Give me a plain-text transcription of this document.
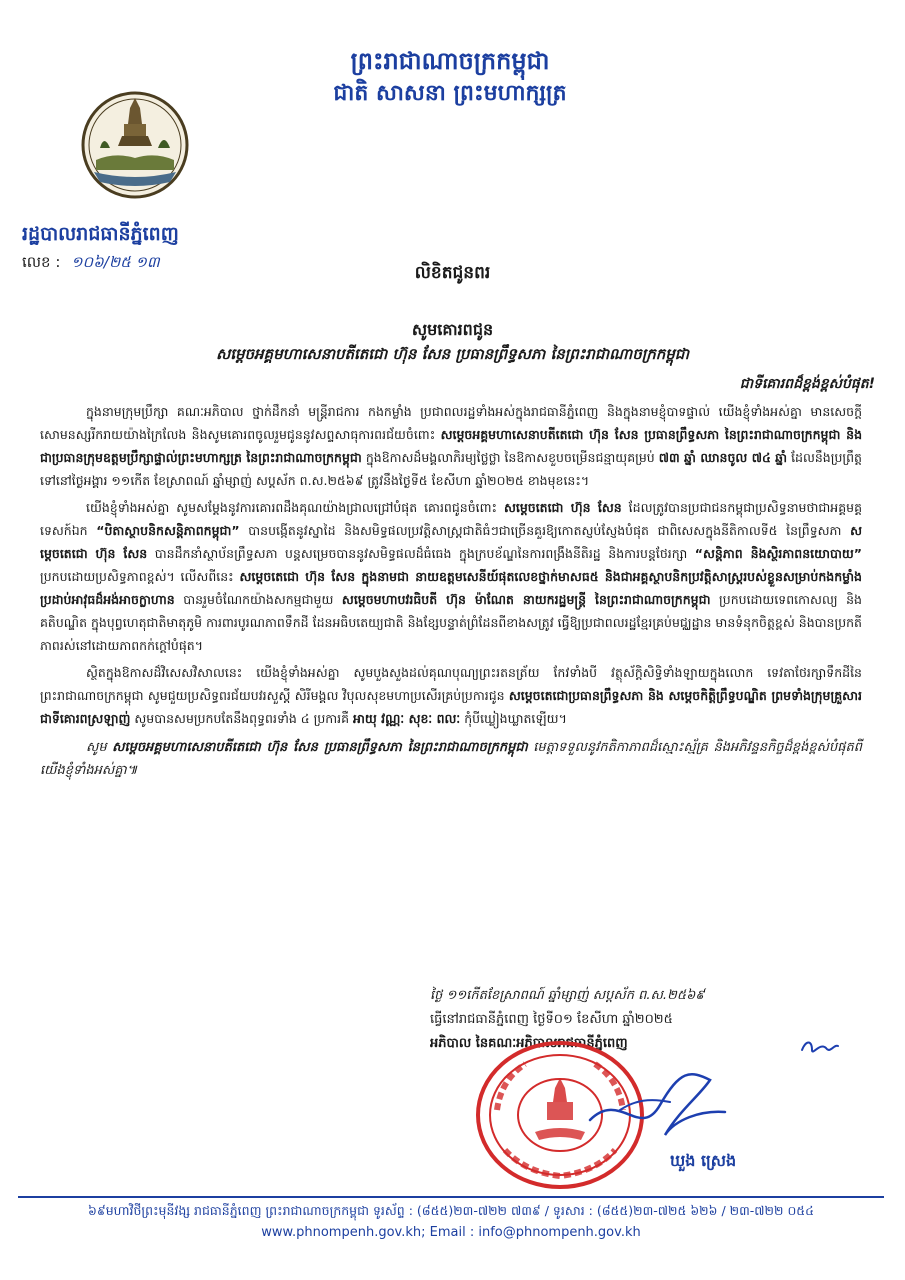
ព្រះរាជាណាចក្រកម្ពុជា
ជាតិ សាសនា ព្រះមហាក្សត្រ
រដ្ឋបាលរាជធានីភ្នំពេញ
លេខ : ១០៦/២៥ ១៣
លិខិតជូនពរ
សូមគោរពជូន
សម្តេចអគ្គមហាសេនាបតីតេជោ ហ៊ុន សែន ប្រធានព្រឹទ្ធសភា នៃព្រះរាជាណាចក្រកម្ពុជា
ជាទីគោរពដ៏ខ្ពង់ខ្ពស់បំផុត!

ក្នុងនាមក្រុមប្រឹក្សា គណៈអភិបាល ថ្នាក់ដឹកនាំ មន្ត្រីរាជការ កងកម្លាំង ប្រជាពលរដ្ឋទាំងអស់ក្នុងរាជធានីភ្នំពេញ និងក្នុងនាមខ្ញុំបាទផ្ទាល់ យើងខ្ញុំទាំងអស់គ្នា មានសេចក្តីសោមនស្សរីករាយយ៉ាងក្រៃលែង និងសូមគោរពចូលរួមជូននូវសព្ទសាធុការពរជ័យចំពោះ សម្តេចអគ្គមហាសេនាបតីតេជោ ហ៊ុន សែន ប្រធានព្រឹទ្ធសភា នៃព្រះរាជាណាចក្រកម្ពុជា និងជាប្រធានក្រុមឧត្តមប្រឹក្សាផ្ទាល់ព្រះមហាក្សត្រ នៃព្រះរាជាណាចក្រកម្ពុជា ក្នុងឱកាសដ៏មង្គលាភិរម្យថ្លៃថ្លា នៃឱកាសខួបចម្រើនជន្មាយុគម្រប់ ៧៣ ឆ្នាំ ឈានចូល ៧៤ ឆ្នាំ ដែលនឹងប្រព្រឹត្តទៅនៅថ្ងៃអង្គារ ១១កើត ខែស្រាពណ៍ ឆ្នាំម្សាញ់ សប្តស័ក ព.ស.២៥៦៩ ត្រូវនឹងថ្ងៃទី៥ ខែសីហា ឆ្នាំ២០២៥ ខាងមុខនេះ។

យើងខ្ញុំទាំងអស់គ្នា សូមសម្តែងនូវការគោរពដឹងគុណយ៉ាងជ្រាលជ្រៅបំផុត គោរពជូនចំពោះ សម្តេចតេជោ ហ៊ុន សែន ដែលត្រូវបានប្រជាជនកម្ពុជាប្រសិទ្ធនាមថាជាអគ្គមគ្គទេសក៍ឯក “បិតាស្ថាបនិកសន្តិភាពកម្ពុជា” បានបង្កើតនូវស្នាដៃ និងសមិទ្ធផលប្រវត្តិសាស្ត្រជាតិធំៗជាច្រើនគួរឱ្យកោតស្ញប់ស្ញែងបំផុត ជាពិសេសក្នុងនីតិកាលទី៥ នៃព្រឹទ្ធសភា សម្តេចតេជោ ហ៊ុន សែន បានដឹកនាំស្ថាប័នព្រឹទ្ធសភា បន្តសម្រេចបាននូវសមិទ្ធផលដ៏ធំធេង ក្នុងក្របខ័ណ្ឌនៃការពង្រឹងនីតិរដ្ឋ និងការបន្តថែរក្សា “សន្តិភាព និងស្ថិរភាពនយោបាយ” ប្រកបដោយប្រសិទ្ធភាពខ្ពស់។ លើសពីនេះ សម្តេចតេជោ ហ៊ុន សែន ក្នុងនាមជា នាយឧត្តមសេនីយ៍ផុតលេខថ្នាក់មាសធ៥ និងជាអគ្គស្ថាបនិកប្រវត្តិសាស្ត្ររបស់ខ្លួនសម្រាប់កងកម្លាំងប្រដាប់អាវុធដ៏អង់អាចក្លាហាន បានរួមចំណែកយ៉ាងសកម្មជាមួយ សម្តេចមហាបវរធិបតី ហ៊ុន ម៉ាណែត នាយករដ្ឋមន្ត្រី នៃព្រះរាជាណាចក្រកម្ពុជា ប្រកបដោយទេពកោសល្យ និងគតិបណ្ឌិត ក្នុងបុព្វហេតុជាតិមាតុភូមិ ការពារបូរណភាពទឹកដី ដែនអធិបតេយ្យជាតិ និងខ្សែបន្ទាត់ព្រំដែនពីខាងសត្រូវ ធ្វើឱ្យប្រជាពលរដ្ឋខ្មែរគ្រប់មជ្ឈដ្ឋាន មានទំនុកចិត្តខ្ពស់ និងបានប្រកតីភាពរស់នៅដោយភាពកក់ក្តៅបំផុត។

ស្ថិតក្នុងឱកាសដ៏វិសេសវិសាលនេះ យើងខ្ញុំទាំងអស់គ្នា សូមបួងសួងដល់គុណបុណ្យព្រះរតនត្រ័យ កែវទាំងបី វត្ថុស័ក្តិសិទ្ធិទាំងឡាយក្នុងលោក ទេវតាថែរក្សាទឹកដីនៃព្រះរាជាណាចក្រកម្ពុជា សូមជួយប្រសិទ្ធពរជ័យបវរសួស្តី សិរីមង្គល វិបុលសុខមហាប្រសើរគ្រប់ប្រការជូន សម្តេចតេជោប្រធានព្រឹទ្ធសភា និង សម្តេចកិត្តិព្រឹទ្ធបណ្ឌិត ព្រមទាំងក្រុមគ្រួសារជាទីគោរពស្រឡាញ់ សូមបានសមប្រកបតែនឹងពុទ្ធពរទាំង ៤ ប្រការគឺ អាយុ វណ្ណៈ សុខៈ ពលៈ កុំបីឃ្លៀងឃ្លាតឡើយ។

សូម សម្តេចអគ្គមហាសេនាបតីតេជោ ហ៊ុន សែន ប្រធានព្រឹទ្ធសភា នៃព្រះរាជាណាចក្រកម្ពុជា មេត្តាទទួលនូវកតិកាភាពដ៏ស្មោះស្ម័គ្រ និងអភិវន្ទនកិច្ចដ៏ខ្ពង់ខ្ពស់បំផុតពីយើងខ្ញុំទាំងអស់គ្នា៕

ថ្ងៃ ១១កើតខែស្រាពណ៍ ឆ្នាំម្សាញ់ សប្តស័ក ព.ស.២៥៦៩
ធ្វើនៅរាជធានីភ្នំពេញ ថ្ងៃទី០១ ខែសីហា ឆ្នាំ២០២៥
អភិបាល នៃគណៈអភិបាលរាជធានីភ្នំពេញ
ឃួង ស្រេង
៦៩មហាវិថីព្រះមុនីវង្ស រាជធានីភ្នំពេញ ព្រះរាជាណាចក្រកម្ពុជា ទូរស័ព្ទ : (៨៥៥)២៣-៧២២ ៧៣៩ / ទូរសារ : (៨៥៥)២៣-៧២៥ ៦២៦ / ២៣-៧២២ ០៥៤
www.phnompenh.gov.kh; Email : info@phnompenh.gov.kh
